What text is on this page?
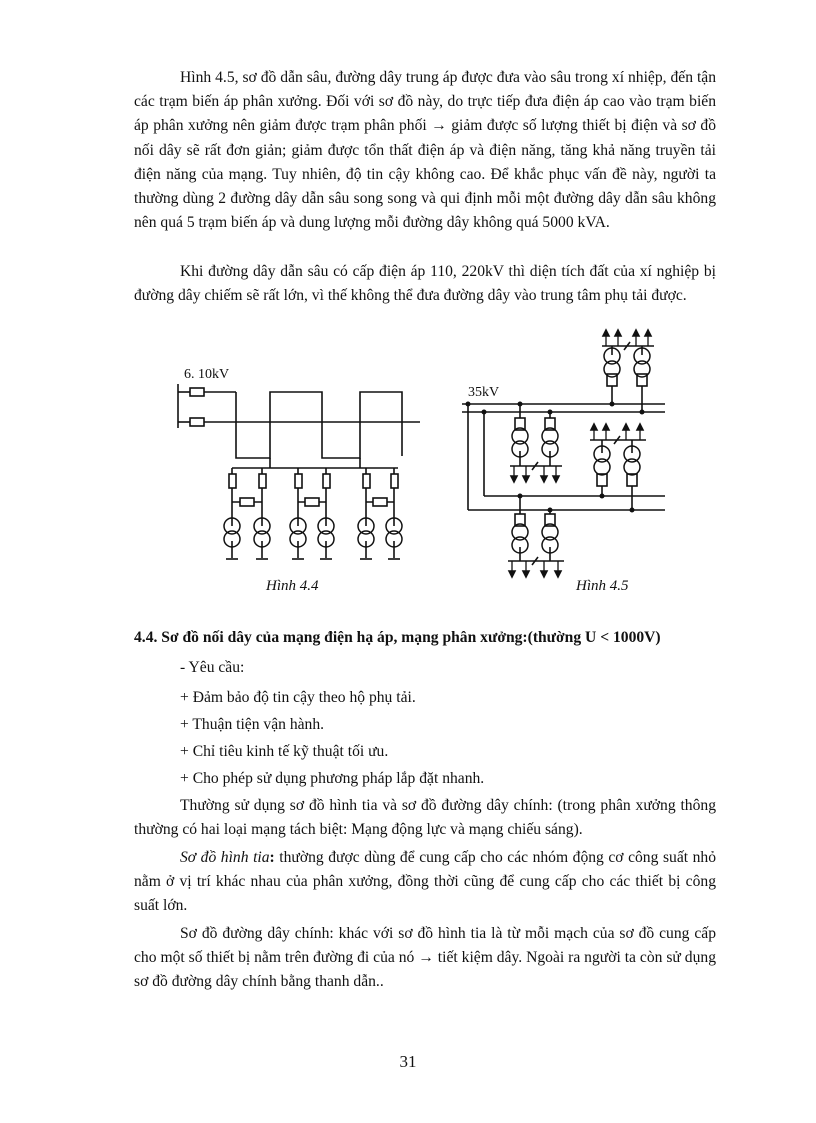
Hình 4.5, sơ đồ dẫn sâu, đường dây trung áp được đưa vào sâu trong xí nhiệp, đến tận các trạm biến áp phân xưởng. Đối với sơ đồ này, do trực tiếp đưa điện áp cao vào trạm biến áp phân xưởng nên giảm được trạm phân phối → giảm được số lượng thiết bị điện và sơ đồ nối dây sẽ rất đơn giản; giảm được tổn thất điện áp và điện năng, tăng khả năng truyền tải điện năng của mạng. Tuy nhiên, độ tin cậy không cao. Để khắc phục vấn đề này, người ta thường dùng 2 đường dây dẫn sâu song song và qui định mỗi một đường dây dẫn sâu không nên quá 5 trạm biến áp và dung lượng mỗi đường dây không quá 5000 kVA.

Khi đường dây dẫn sâu có cấp điện áp 110, 220kV thì diện tích đất của xí nghiệp bị đường dây chiếm sẽ rất lớn, vì thế không thể đưa đường dây vào trung tâm phụ tải được.

6. 10kV
Hình 4.4
35kV
Hình 4.5

4.4. Sơ đồ nối dây của mạng điện hạ áp, mạng phân xưởng:(thường U < 1000V)

- Yêu cầu:

+ Đảm bảo độ tin cậy theo hộ phụ tải.

+ Thuận tiện vận hành.

+ Chỉ tiêu kinh tế kỹ thuật tối ưu.

+ Cho phép sử dụng phương pháp lắp đặt nhanh.

Thường sử dụng sơ đồ hình tia và sơ đồ đường dây chính: (trong phân xưởng thông thường có hai loại mạng tách biệt: Mạng động lực và mạng chiếu sáng).

Sơ đồ hình tia: thường được dùng để cung cấp cho các nhóm động cơ công suất nhỏ nằm ở vị trí khác nhau của phân xưởng, đồng thời cũng để cung cấp cho các thiết bị công suất lớn.

Sơ đồ đường dây chính: khác với sơ đồ hình tia là từ mỗi mạch của sơ đồ cung cấp cho một số thiết bị nằm trên đường đi của nó → tiết kiệm dây. Ngoài ra người ta còn sử dụng sơ đồ đường dây chính bằng thanh dẫn..

31
